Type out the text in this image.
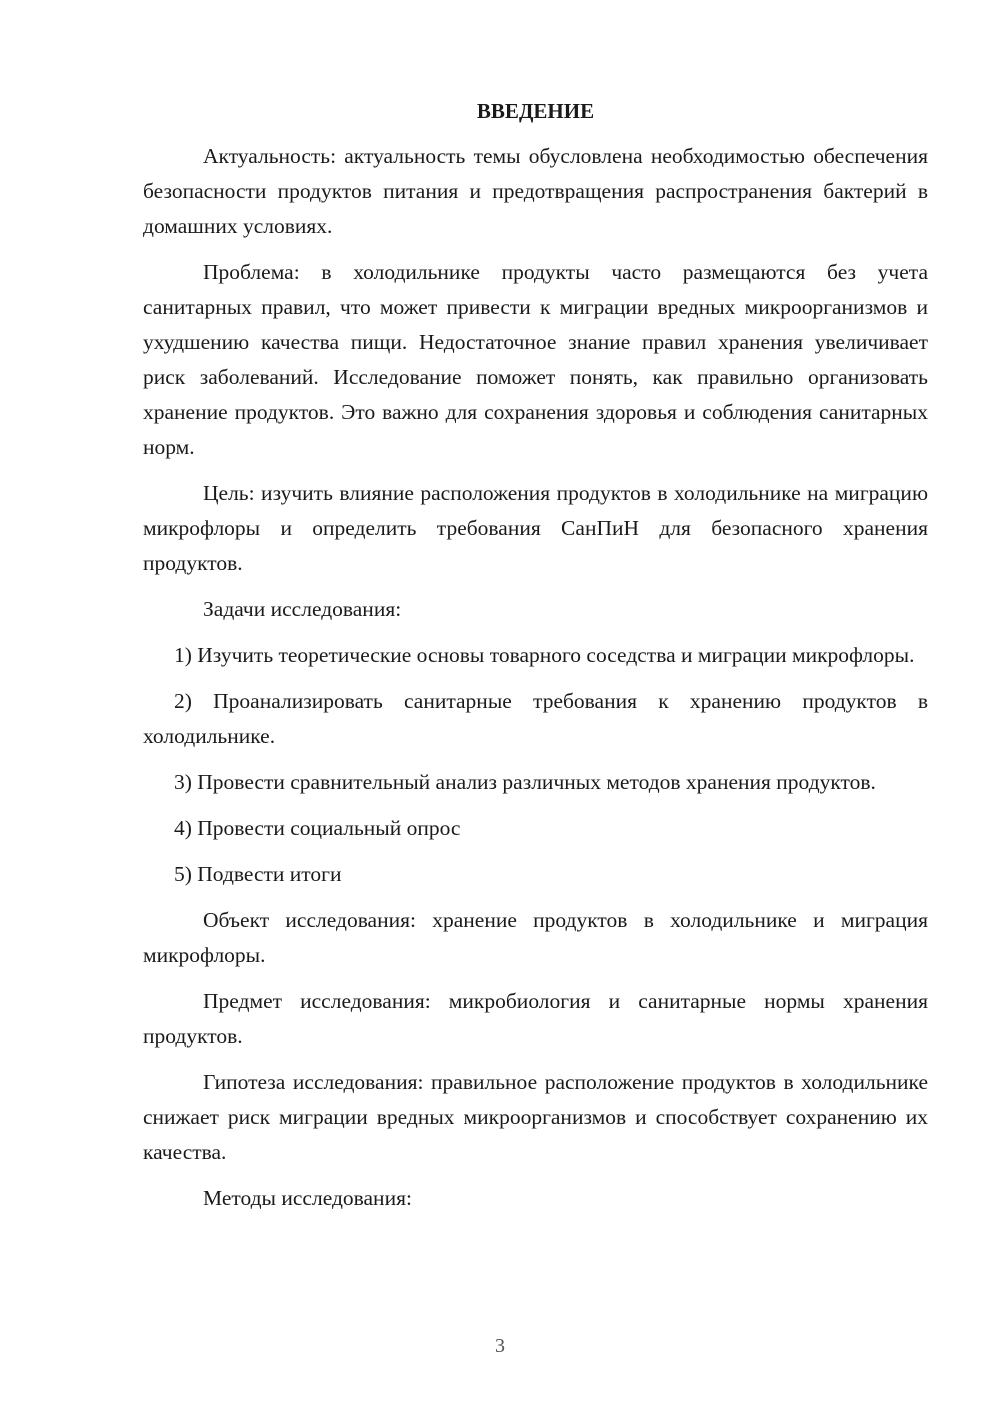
ВВЕДЕНИЕ

Актуальность: актуальность темы обусловлена необходимостью обеспечения безопасности продуктов питания и предотвращения распространения бактерий в домашних условиях.

Проблема: в холодильнике продукты часто размещаются без учета санитарных правил, что может привести к миграции вредных микроорганизмов и ухудшению качества пищи. Недостаточное знание правил хранения увеличивает риск заболеваний. Исследование поможет понять, как правильно организовать хранение продуктов. Это важно для сохранения здоровья и соблюдения санитарных норм.

Цель: изучить влияние расположения продуктов в холодильнике на миграцию микрофлоры и определить требования СанПиН для безопасного хранения продуктов.

Задачи исследования:

1) Изучить теоретические основы товарного соседства и миграции микрофлоры.

2) Проанализировать санитарные требования к хранению продуктов в холодильнике.

3) Провести сравнительный анализ различных методов хранения продуктов.

4) Провести социальный опрос

5) Подвести итоги

Объект исследования: хранение продуктов в холодильнике и миграция микрофлоры.

Предмет исследования: микробиология и санитарные нормы хранения продуктов.

Гипотеза исследования: правильное расположение продуктов в холодильнике снижает риск миграции вредных микроорганизмов и способствует сохранению их качества.

Методы исследования:

3
